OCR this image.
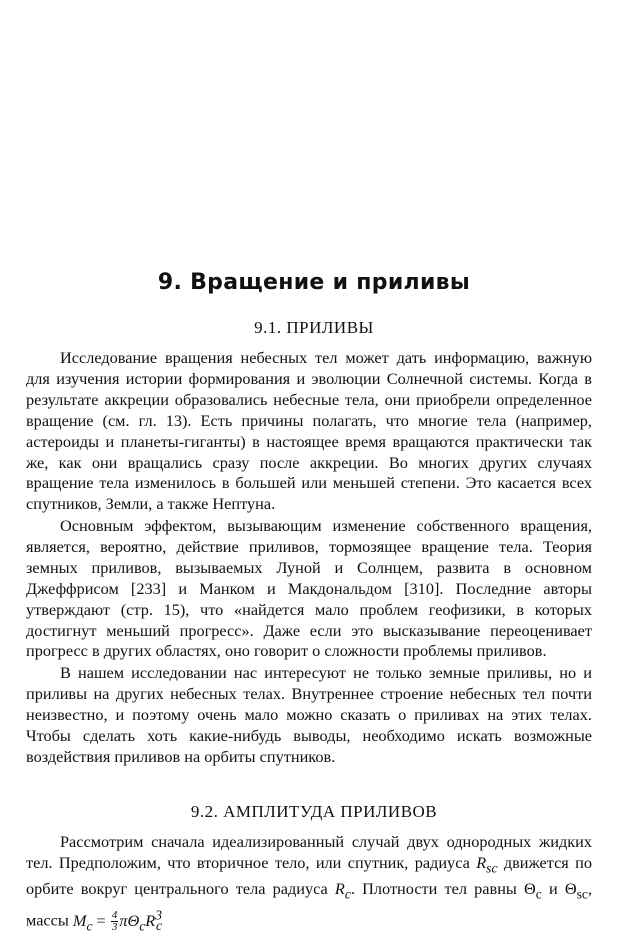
9. Вращение и приливы
9.1. ПРИЛИВЫ

Исследование вращения небесных тел может дать информацию, важную для изучения истории формирования и эволюции Солнечной системы. Когда в результате аккреции образовались небесные тела, они приобрели определенное вращение (см. гл. 13). Есть причины полагать, что многие тела (например, астероиды и планеты-гиганты) в настоящее время вращаются практически так же, как они вращались сразу после аккреции. Во многих других случаях вращение тела изменилось в большей или меньшей степени. Это касается всех спутников, Земли, а также Нептуна.

Основным эффектом, вызывающим изменение собственного вращения, является, вероятно, действие приливов, тормозящее вращение тела. Теория земных приливов, вызываемых Луной и Солнцем, развита в основном Джеффрисом [233] и Манком и Макдональдом [310]. Последние авторы утверждают (стр. 15), что «найдется мало проблем геофизики, в которых достигнут меньший прогресс». Даже если это высказывание переоценивает прогресс в других областях, оно говорит о сложности проблемы приливов.

В нашем исследовании нас интересуют не только земные приливы, но и приливы на других небесных телах. Внутреннее строение небесных тел почти неизвестно, и поэтому очень мало можно сказать о приливах на этих телах. Чтобы сделать хоть какие-нибудь выводы, необходимо искать возможные воздействия приливов на орбиты спутников.

9.2. АМПЛИТУДА ПРИЛИВОВ

Рассмотрим сначала идеализированный случай двух однородных жидких тел. Предположим, что вторичное тело, или спутник, радиуса $R_{sc}$ движется по орбите вокруг центрального тела радиуса $R_c$. Плотности тел равны $\Theta_c$ и $\Theta_{sc}$, массы $M_c = \frac{4}{3} \pi\Theta_cR^3_c$
